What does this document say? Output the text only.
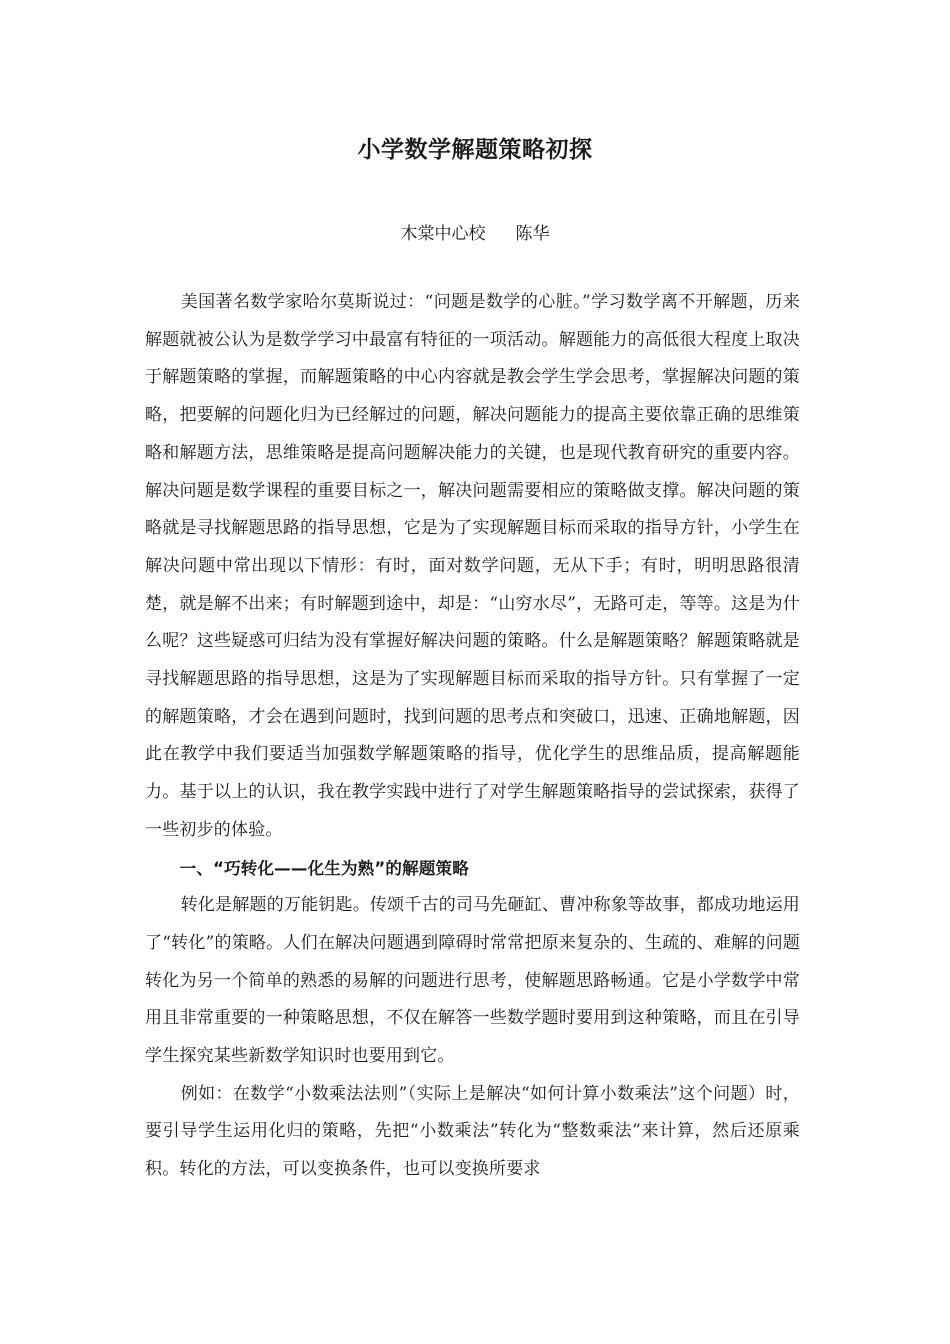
小学数学解题策略初探
木棠中心校 陈华

美国著名数学家哈尔莫斯说过：“问题是数学的心脏。”学习数学离不开解题，历来解题就被公认为是数学学习中最富有特征的一项活动。解题能力的高低很大程度上取决于解题策略的掌握，而解题策略的中心内容就是教会学生学会思考，掌握解决问题的策略，把要解的问题化归为已经解过的问题，解决问题能力的提高主要依靠正确的思维策略和解题方法，思维策略是提高问题解决能力的关键，也是现代教育研究的重要内容。解决问题是数学课程的重要目标之一，解决问题需要相应的策略做支撑。解决问题的策略就是寻找解题思路的指导思想，它是为了实现解题目标而采取的指导方针，小学生在解决问题中常出现以下情形：有时，面对数学问题，无从下手；有时，明明思路很清楚，就是解不出来；有时解题到途中，却是：“山穷水尽”，无路可走，等等。这是为什么呢？这些疑惑可归结为没有掌握好解决问题的策略。什么是解题策略？解题策略就是寻找解题思路的指导思想，这是为了实现解题目标而采取的指导方针。只有掌握了一定的解题策略，才会在遇到问题时，找到问题的思考点和突破口，迅速、正确地解题，因此在教学中我们要适当加强数学解题策略的指导，优化学生的思维品质，提高解题能力。基于以上的认识，我在教学实践中进行了对学生解题策略指导的尝试探索，获得了一些初步的体验。

一、“巧转化——化生为熟”的解题策略

转化是解题的万能钥匙。传颂千古的司马先砸缸、曹冲称象等故事，都成功地运用了“转化”的策略。人们在解决问题遇到障碍时常常把原来复杂的、生疏的、难解的问题转化为另一个简单的熟悉的易解的问题进行思考，使解题思路畅通。它是小学数学中常用且非常重要的一种策略思想，不仅在解答一些数学题时要用到这种策略，而且在引导学生探究某些新数学知识时也要用到它。

例如：在数学“小数乘法法则”（实际上是解决“如何计算小数乘法”这个问题）时，要引导学生运用化归的策略，先把“小数乘法”转化为“整数乘法”来计算，然后还原乘积。转化的方法，可以变换条件，也可以变换所要求
